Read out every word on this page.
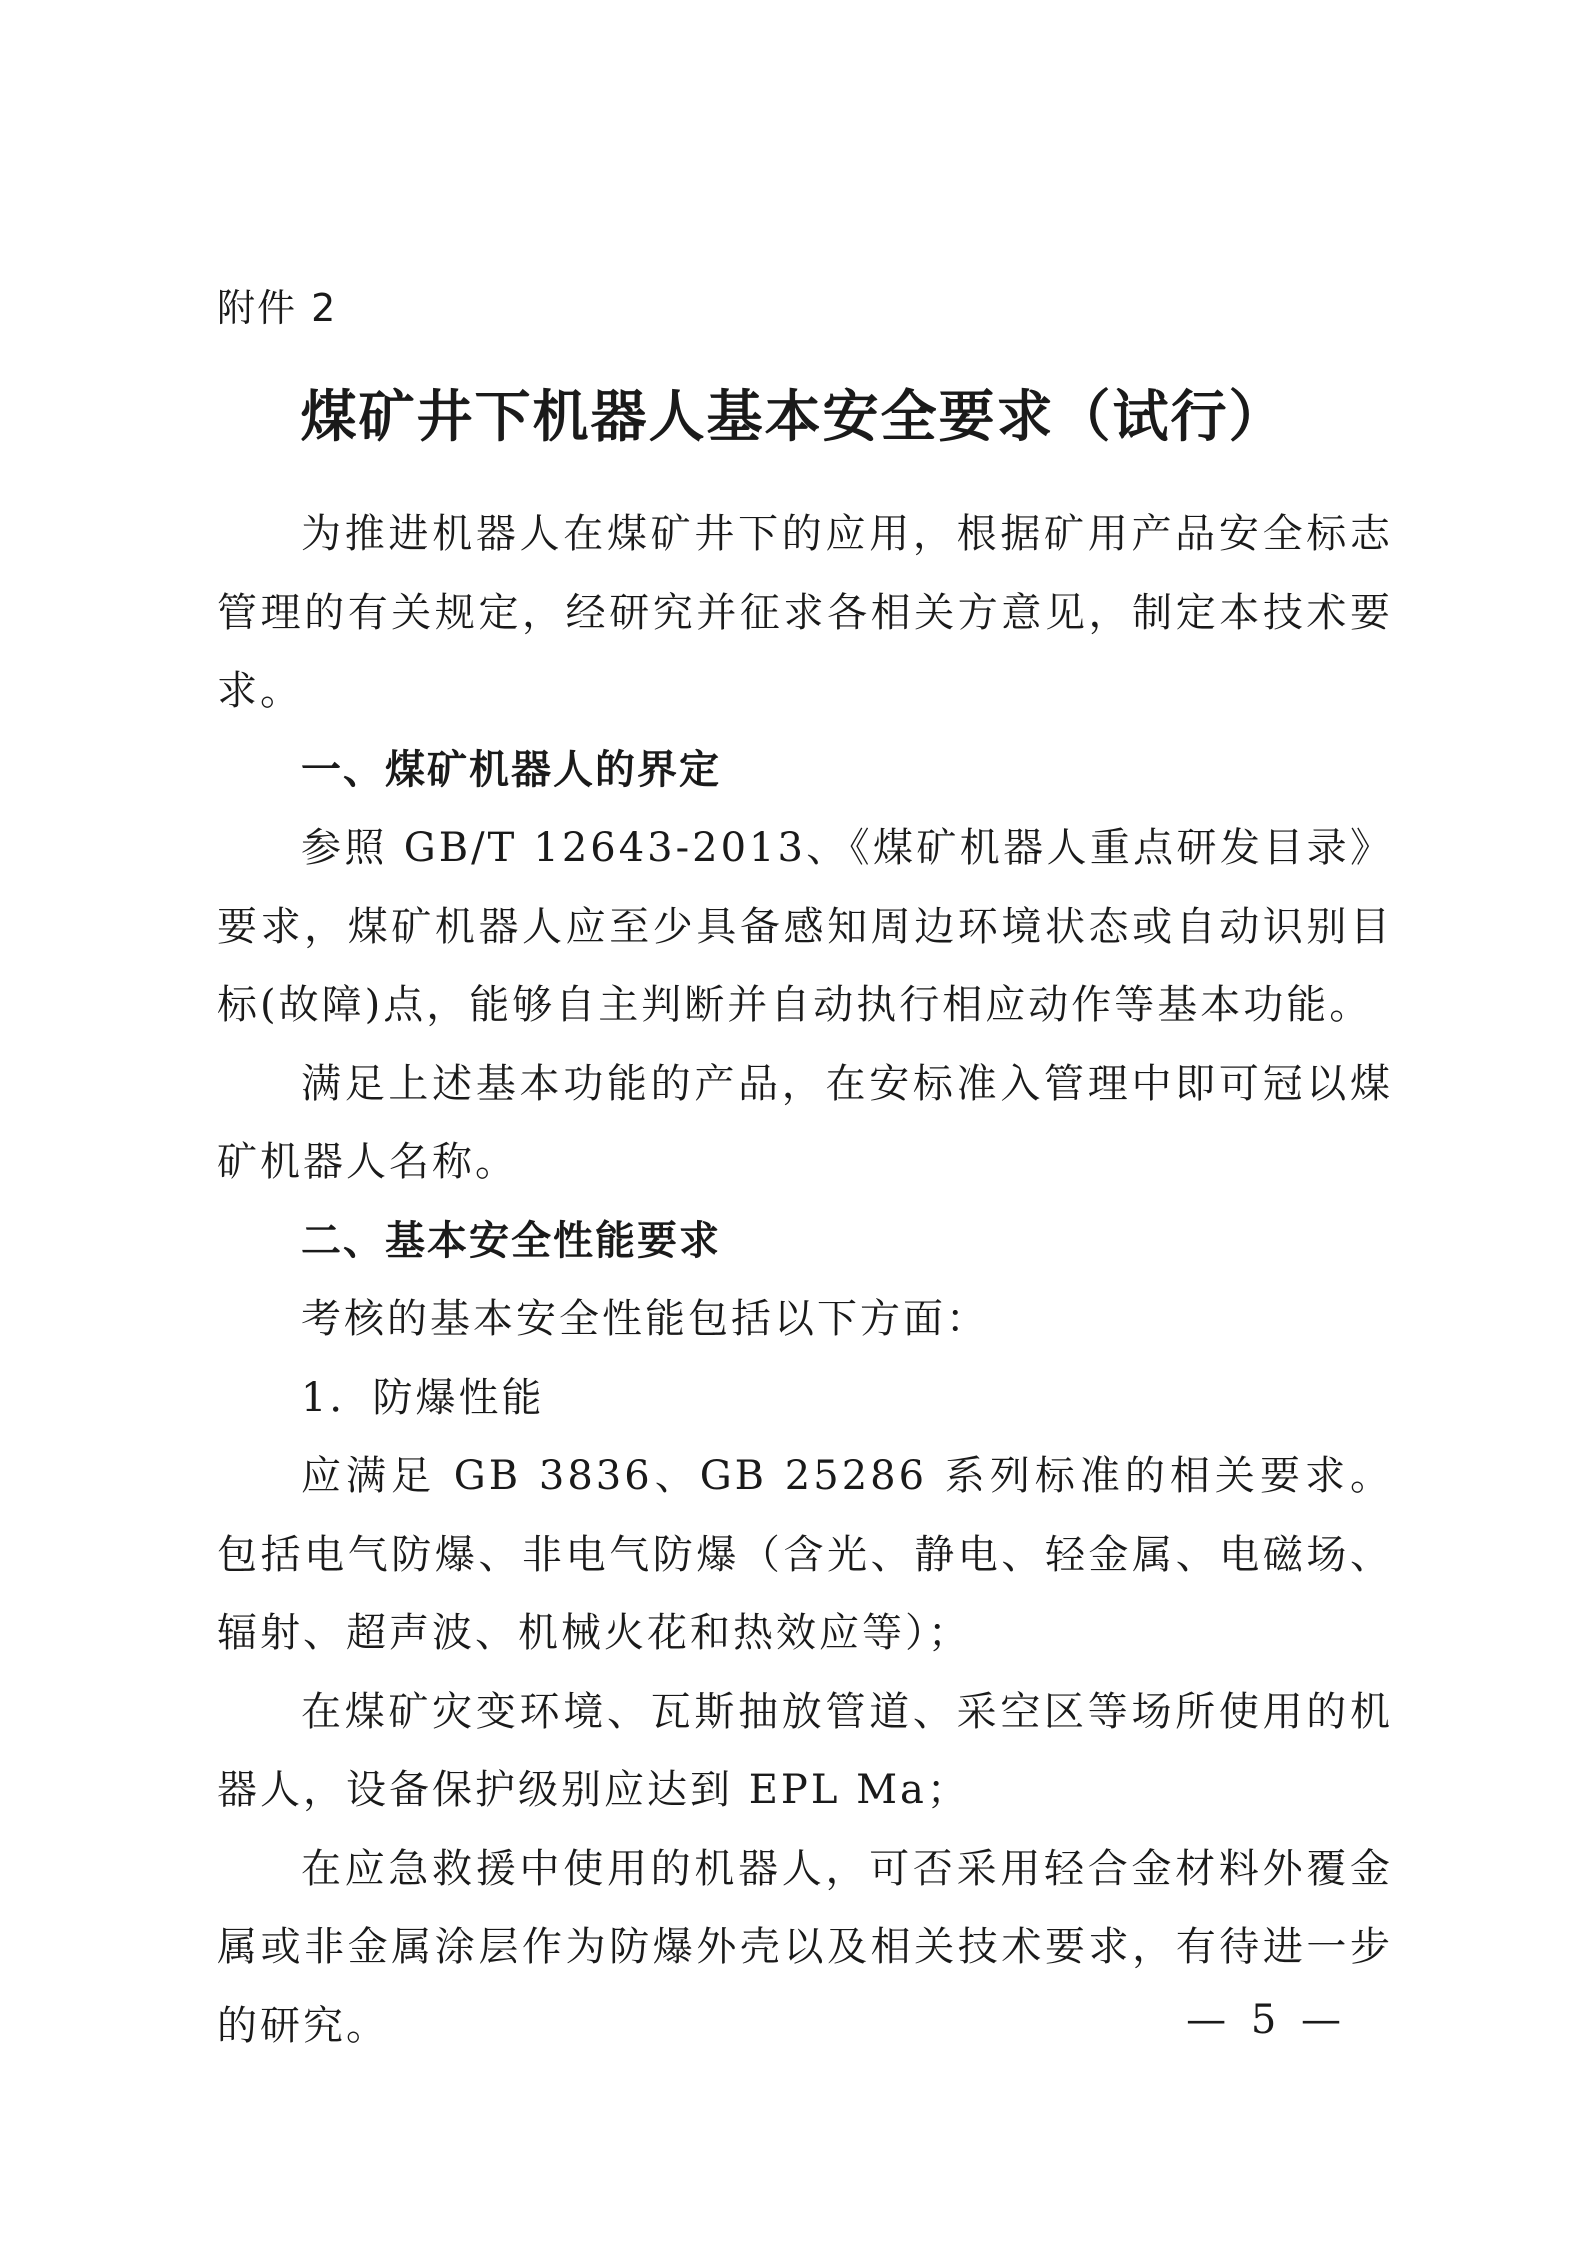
附件 2
煤矿井下机器人基本安全要求（试行）

为推进机器人在煤矿井下的应用，根据矿用产品安全标志管理的有关规定，经研究并征求各相关方意见，制定本技术要求。

一、煤矿机器人的界定

参照 GB/T 12643-2013、《煤矿机器人重点研发目录》要求，煤矿机器人应至少具备感知周边环境状态或自动识别目标(故障)点，能够自主判断并自动执行相应动作等基本功能。

满足上述基本功能的产品，在安标准入管理中即可冠以煤矿机器人名称。

二、基本安全性能要求

考核的基本安全性能包括以下方面：

1．防爆性能

应满足 GB 3836、GB 25286 系列标准的相关要求。包括电气防爆、非电气防爆（含光、静电、轻金属、电磁场、辐射、超声波、机械火花和热效应等）；

在煤矿灾变环境、瓦斯抽放管道、采空区等场所使用的机器人，设备保护级别应达到 EPL Ma；

在应急救援中使用的机器人，可否采用轻合金材料外覆金属或非金属涂层作为防爆外壳以及相关技术要求，有待进一步的研究。	— 5 —
